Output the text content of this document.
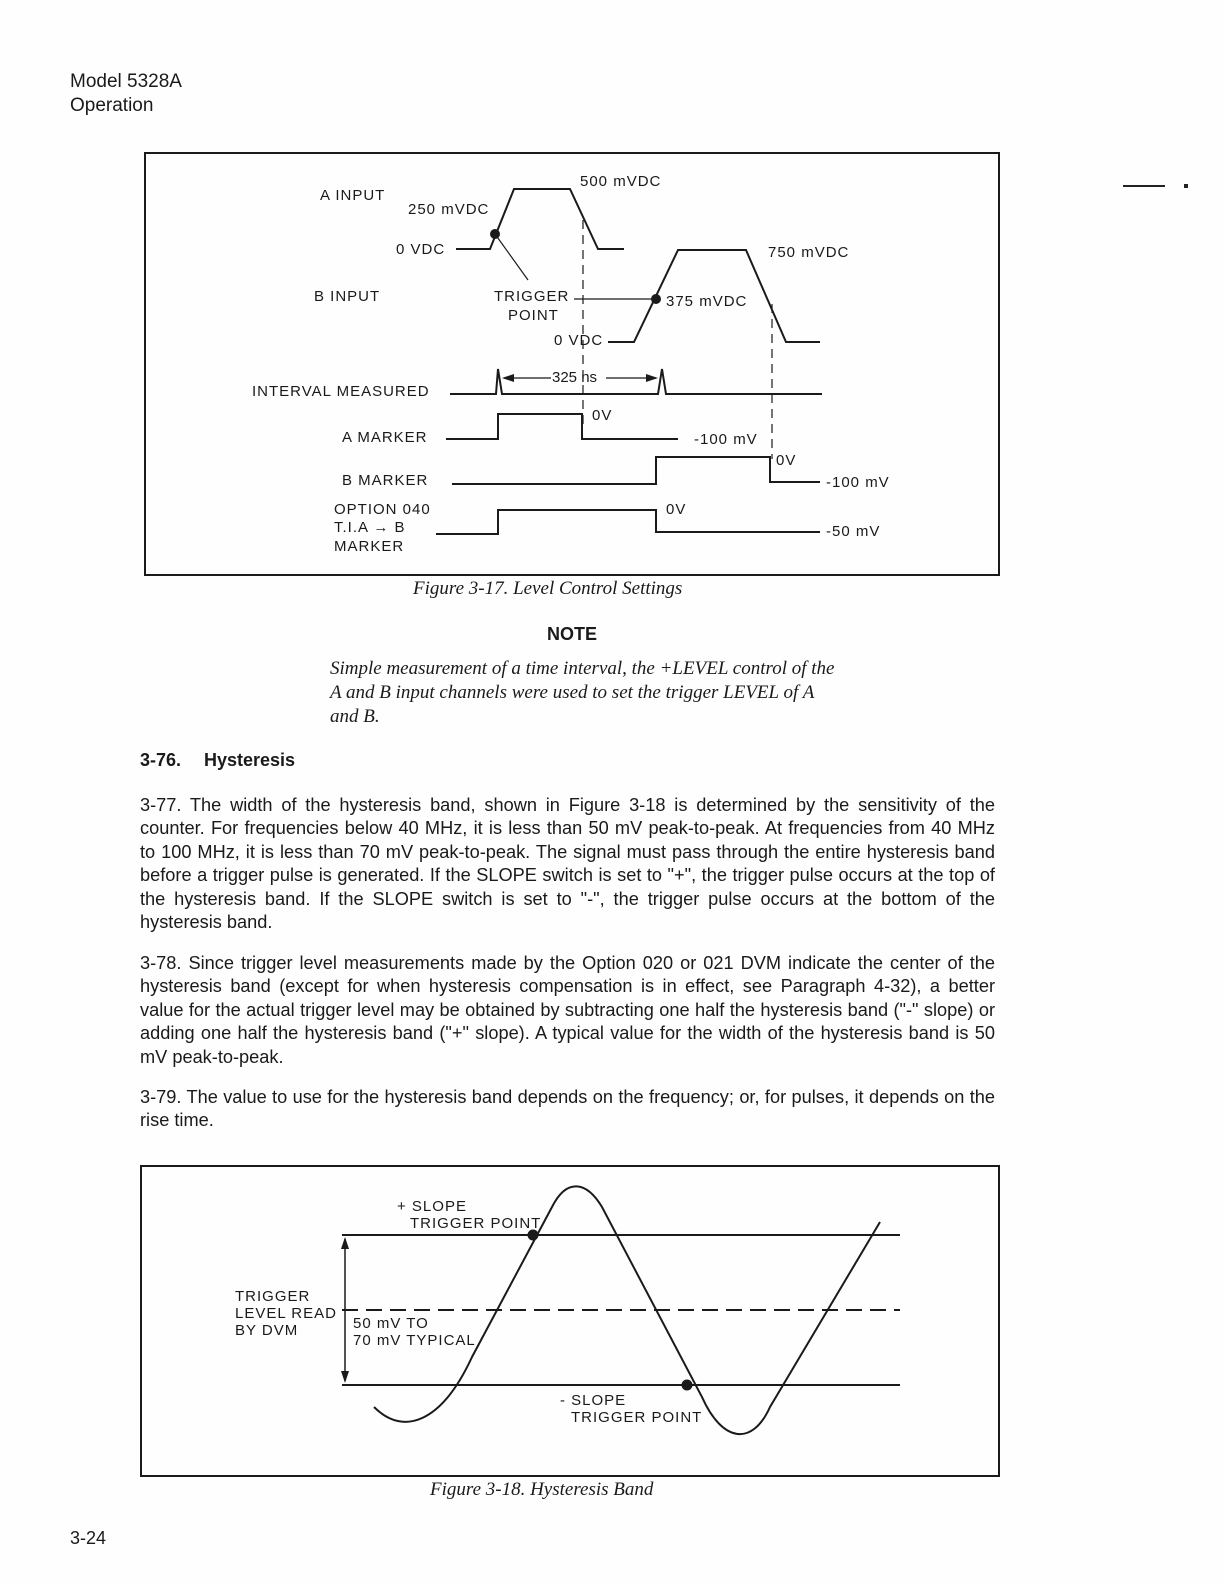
Model 5328A
Operation
A INPUT
250 mVDC
500 mVDC
0 VDC	750 mVDC
B INPUT	TRIGGER
POINT
375 mVDC
0 VDC
INTERVAL MEASURED
325 ns
0V
A MARKER	-100 mV
0V
B MARKER	-100 mV
OPTION 040
T.I.A → B
MARKER
0V
-50 mV
Figure 3-17. Level Control Settings
NOTE
Simple measurement of a time interval, the +LEVEL control of the A and B input channels were used to set the trigger LEVEL of A and B.
3-76. Hysteresis
3-77. The width of the hysteresis band, shown in Figure 3-18 is determined by the sensitivity of the counter. For frequencies below 40 MHz, it is less than 50 mV peak-to-peak. At frequencies from 40 MHz to 100 MHz, it is less than 70 mV peak-to-peak. The signal must pass through the entire hysteresis band before a trigger pulse is generated. If the SLOPE switch is set to "+", the trigger pulse occurs at the top of the hysteresis band. If the SLOPE switch is set to "-", the trigger pulse occurs at the bottom of the hysteresis band.
3-78. Since trigger level measurements made by the Option 020 or 021 DVM indicate the center of the hysteresis band (except for when hysteresis compensation is in effect, see Paragraph 4-32), a better value for the actual trigger level may be obtained by subtracting one half the hysteresis band ("-" slope) or adding one half the hysteresis band ("+" slope). A typical value for the width of the hysteresis band is 50 mV peak-to-peak.
3-79. The value to use for the hysteresis band depends on the frequency; or, for pulses, it depends on the rise time.
+ SLOPE
TRIGGER POINT
TRIGGER
LEVEL READ
BY DVM	50 mV TO
70 mV TYPICAL
- SLOPE
TRIGGER POINT
Figure 3-18. Hysteresis Band
3-24
